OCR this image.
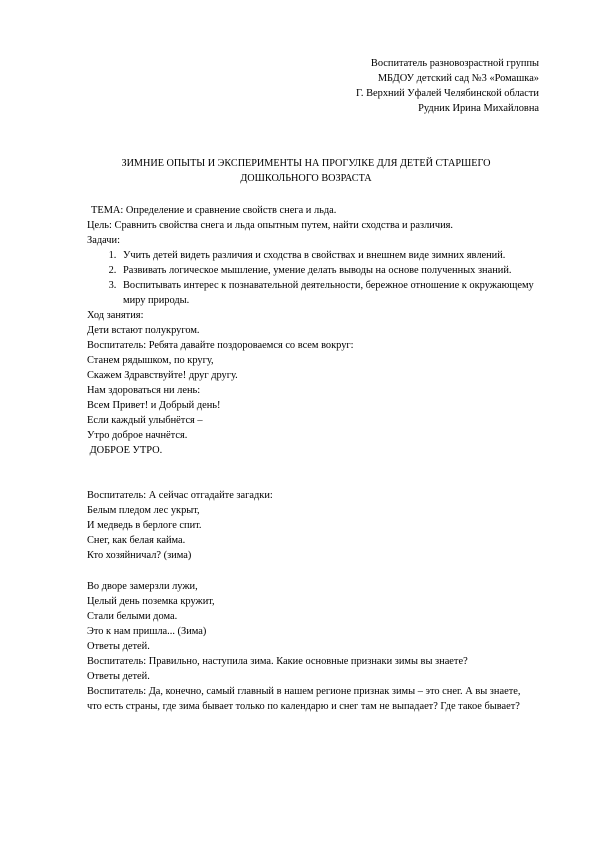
Воспитатель разновозрастной группы
МБДОУ детский сад №3 «Ромашка»
Г. Верхний Уфалей Челябинской области
Рудник Ирина Михайловна
ЗИМНИЕ ОПЫТЫ И ЭКСПЕРИМЕНТЫ НА ПРОГУЛКЕ ДЛЯ ДЕТЕЙ СТАРШЕГО
ДОШКОЛЬНОГО ВОЗРАСТА
ТЕМА: Определение и сравнение свойств снега и льда.
Цель: Сравнить свойства снега и льда опытным путем, найти сходства и различия.
Задачи:
1. Учить детей видеть различия и сходства в свойствах и внешнем виде зимних явлений.
2. Развивать логическое мышление, умение делать выводы на основе полученных знаний.
3. Воспитывать интерес к познавательной деятельности, бережное отношение к окружающему миру природы.
Ход занятия:
Дети встают полукругом.
Воспитатель: Ребята давайте поздороваемся со всем вокруг:
Станем рядышком, по кругу,
Скажем Здравствуйте! друг другу.
Нам здороваться ни лень:
Всем Привет! и Добрый день!
Если каждый улыбнётся –
Утро доброе начнётся.
ДОБРОЕ УТРО.
Воспитатель: А сейчас отгадайте загадки:
Белым пледом лес укрыт,
И медведь в берлоге спит.
Снег, как белая кайма.
Кто хозяйничал? (зима)
Во дворе замерзли лужи,
Целый день поземка кружит,
Стали белыми дома.
Это к нам пришла... (Зима)
Ответы детей.
Воспитатель: Правильно, наступила зима. Какие основные признаки зимы вы знаете?
Ответы детей.
Воспитатель: Да, конечно, самый главный в нашем регионе признак зимы – это снег. А вы знаете, что есть страны, где зима бывает только по календарю и снег там не выпадает? Где такое бывает?
